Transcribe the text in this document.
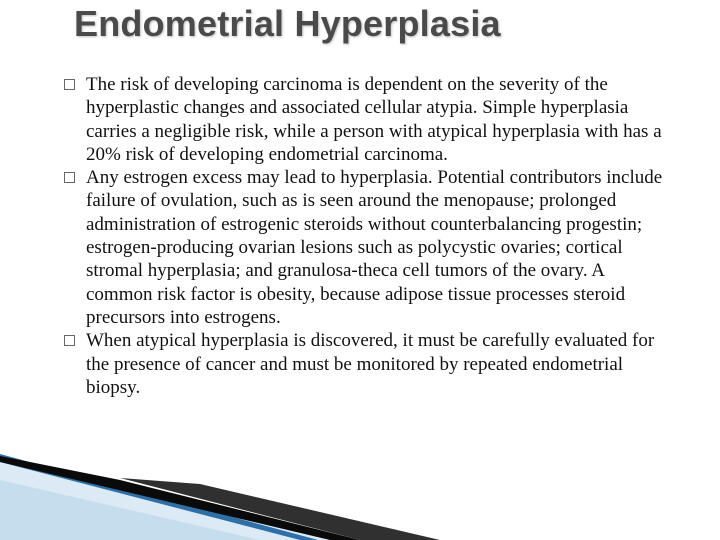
Endometrial Hyperplasia
The risk of developing carcinoma is dependent on the severity of the hyperplastic changes and associated cellular atypia. Simple hyperplasia carries a negligible risk, while a person with atypical hyperplasia with has a 20% risk of developing endometrial carcinoma.
Any estrogen excess may lead to hyperplasia. Potential contributors include failure of ovulation, such as is seen around the menopause; prolonged administration of estrogenic steroids without counterbalancing progestin; estrogen-producing ovarian lesions such as polycystic ovaries; cortical stromal hyperplasia; and granulosa-theca cell tumors of the ovary. A common risk factor is obesity, because adipose tissue processes steroid precursors into estrogens.
When atypical hyperplasia is discovered, it must be carefully evaluated for the presence of cancer and must be monitored by repeated endometrial biopsy.
